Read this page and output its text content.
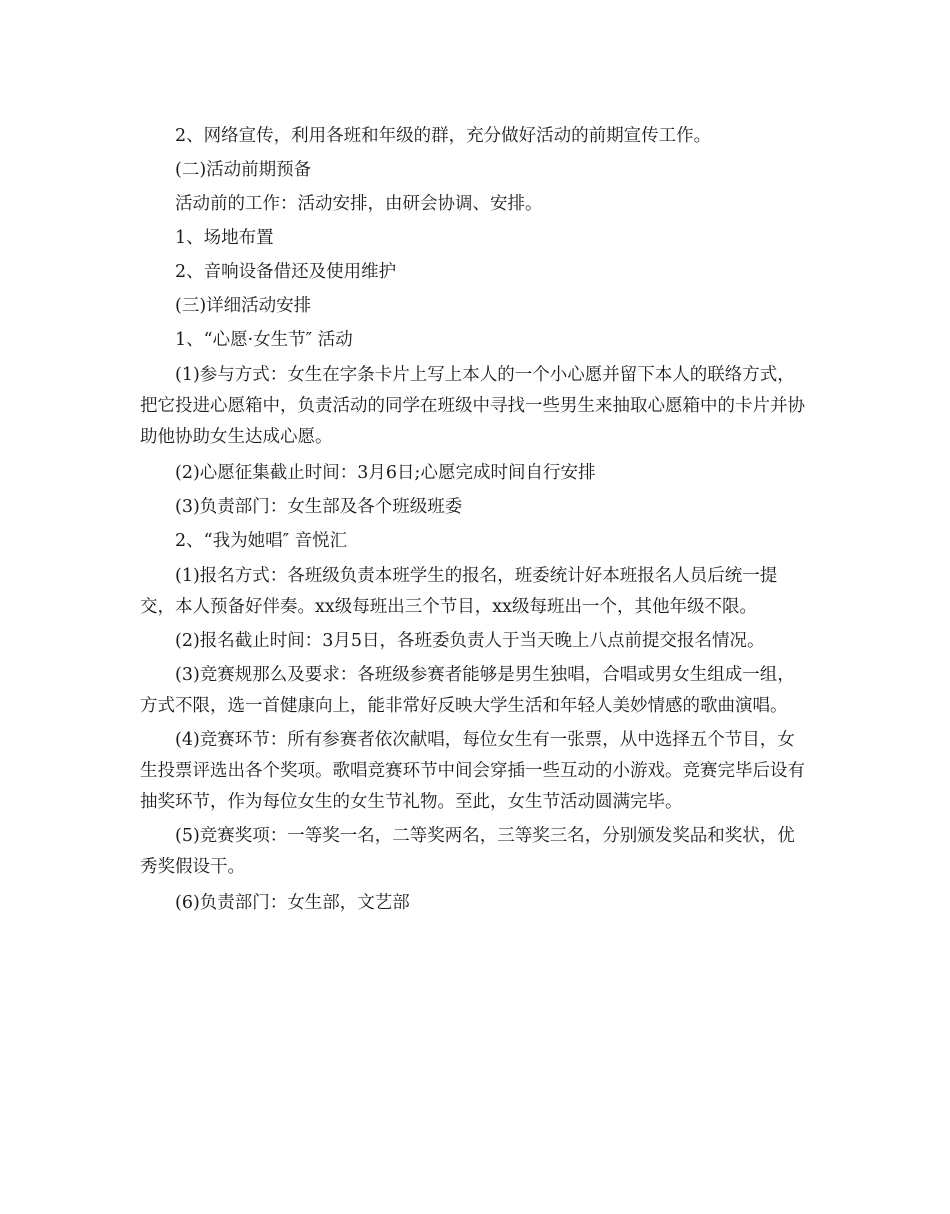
2、网络宣传，利用各班和年级的群，充分做好活动的前期宣传工作。

(二)活动前期预备

活动前的工作：活动安排，由研会协调、安排。

1、场地布置

2、音响设备借还及使用维护

(三)详细活动安排

1、“心愿·女生节″ 活动

(1)参与方式：女生在字条卡片上写上本人的一个小心愿并留下本人的联络方式，把它投进心愿箱中，负责活动的同学在班级中寻找一些男生来抽取心愿箱中的卡片并协助他协助女生达成心愿。

(2)心愿征集截止时间：3月6日;心愿完成时间自行安排

(3)负责部门：女生部及各个班级班委

2、“我为她唱″ 音悦汇

(1)报名方式：各班级负责本班学生的报名，班委统计好本班报名人员后统一提交，本人预备好伴奏。xx级每班出三个节目，xx级每班出一个，其他年级不限。

(2)报名截止时间：3月5日，各班委负责人于当天晚上八点前提交报名情况。

(3)竞赛规那么及要求：各班级参赛者能够是男生独唱，合唱或男女生组成一组，方式不限，选一首健康向上，能非常好反映大学生活和年轻人美妙情感的歌曲演唱。

(4)竞赛环节：所有参赛者依次献唱，每位女生有一张票，从中选择五个节目，女生投票评选出各个奖项。歌唱竞赛环节中间会穿插一些互动的小游戏。竞赛完毕后设有抽奖环节，作为每位女生的女生节礼物。至此，女生节活动圆满完毕。

(5)竞赛奖项：一等奖一名，二等奖两名，三等奖三名，分别颁发奖品和奖状，优秀奖假设干。

(6)负责部门：女生部，文艺部
